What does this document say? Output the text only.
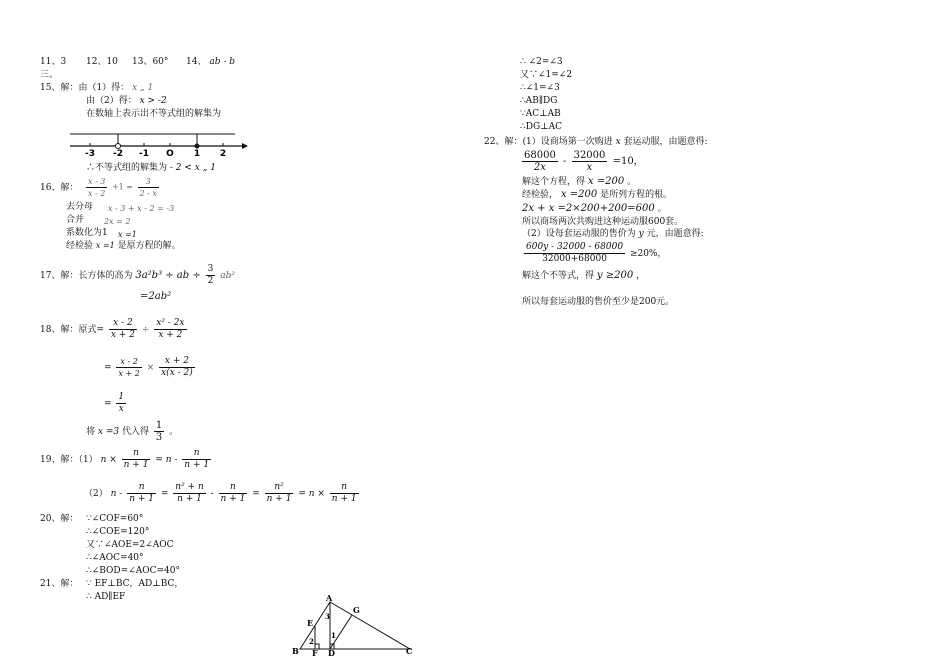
11、3 12、10 13、60° 14、 ab - b
三、
15、解：由（1）得： x „ 1
由（2）得： x > -2
在数轴上表示出不等式组的解集为
-3 -2 -1 O 1 2
∴不等式组的解集为 - 2 < x „ 1
16、解： $\frac{x - 3}{x - 2} +1 = \frac{3}{2 - x}$
去分母 x - 3 + x - 2 = -3
合并 2x = 2
系数化为1 x =1
经检验 x =1 是原方程的解。
17、解：长方体的高为 3a²b³ ÷ ab ÷ $\frac{3}{2} ab^2$
=2ab²
18、解：原式= $\frac{x - 2}{x + 2} \div \frac{\text{x² - 2x}}{x + 2}$
= $\frac{x - 2}{x + 2} \times \frac{x + 2}{x(x - 2)}$
= $\frac{1}{x}$
将 x =3 代入得 $\frac{1}{3}$ 。
19、解：（1） $n \times \frac{n}{n + 1} = n - \frac{n}{n + 1}$
（2） $n - \frac{n}{n + 1} = \frac{\text{n² + n}}{n + 1} - \frac{n}{n + 1} = \frac{\text{n²}}{n + 1} = n \times \frac{n}{n + 1}$
20、解： ∵∠COF=60°
∴∠COE=120°
又∵∠AOE=2∠AOC
∴∠AOC=40°
∴∠BOD=∠AOC=40°
21、解： ∵ EF⊥BC，AD⊥BC，
∴ AD∥EF	A
B	C
D
E
F
G
1
2
3
∴ ∠2=∠3
又∵∠1=∠2
∴∠1=∠3
∴AB∥DG
∵AC⊥AB
∴DG⊥AC
22、解：(1）设商场第一次购进 x 套运动服，由题意得:
$\frac{68000}{2x} - \frac{32000}{x} =10$，
解这个方程，得 x =200 。
经检验， x =200 是所列方程的根。
2x + x =2×200+200=600 。
所以商场两次共购进这种运动服600套。
（2）设每套运动服的售价为 y 元，由题意得:
$\frac{600y - 32000 - 68000}{32000+68000} \ge 20\%$，
解这个不等式，得 y ≥200 ，
所以每套运动服的售价至少是200元。
